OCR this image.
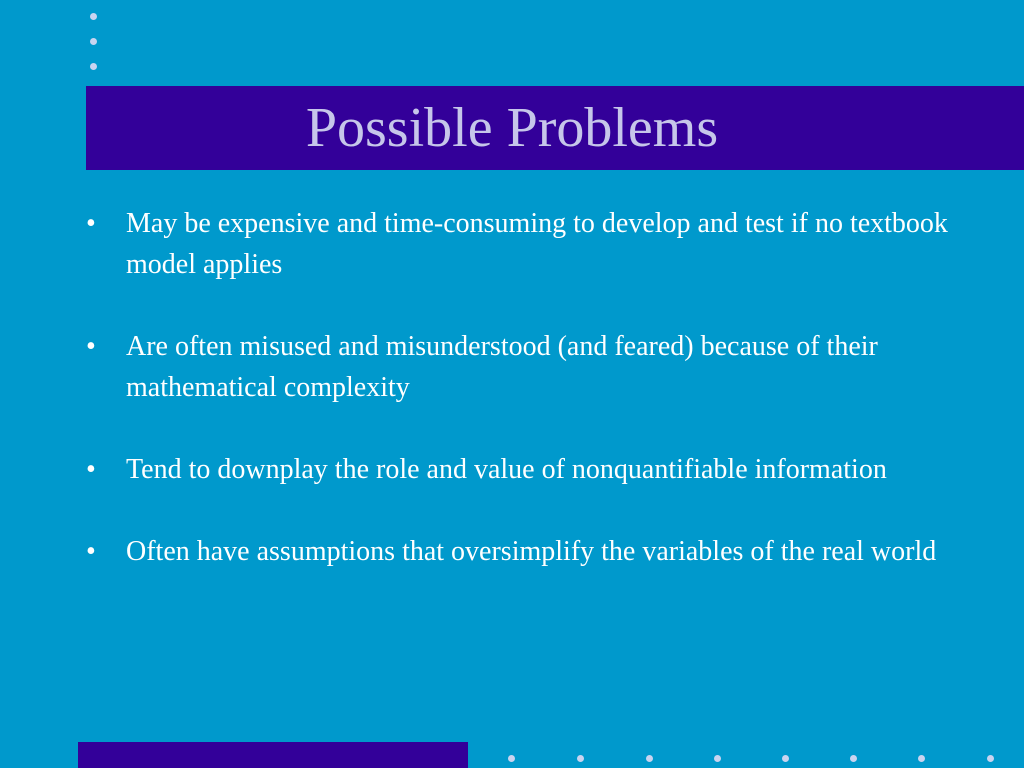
Possible Problems
•	May be expensive and time-consuming to develop and test if no textbook model applies
•	Are often misused and misunderstood (and feared) because of their mathematical complexity
•	Tend to downplay the role and value of nonquantifiable information
•	Often have assumptions that oversimplify the variables of the real world
